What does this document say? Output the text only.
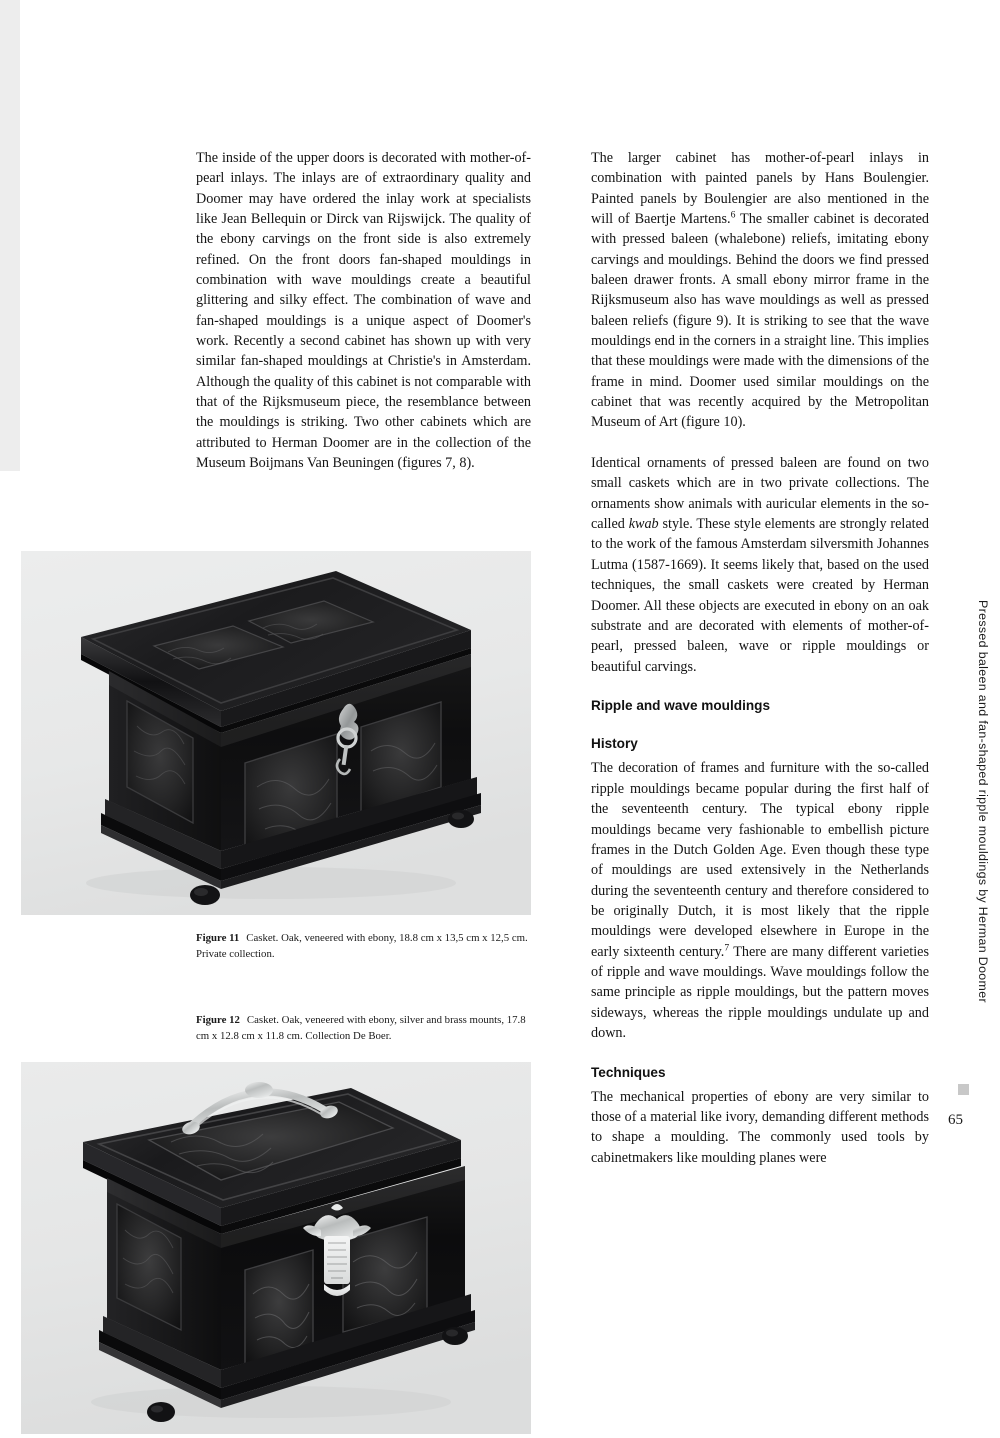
The inside of the upper doors is decorated with mother-of-pearl inlays. The inlays are of extraordinary quality and Doomer may have ordered the inlay work at specialists like Jean Bellequin or Dirck van Rijswijck. The quality of the ebony carvings on the front side is also extremely refined. On the front doors fan-shaped mouldings in combination with wave mouldings create a beautiful glittering and silky effect. The combination of wave and fan-shaped mouldings is a unique aspect of Doomer's work. Recently a second cabinet has shown up with very similar fan-shaped mouldings at Christie's in Amsterdam. Although the quality of this cabinet is not comparable with that of the Rijksmuseum piece, the resemblance between the mouldings is striking. Two other cabinets which are attributed to Herman Doomer are in the collection of the Museum Boijmans Van Beuningen (figures 7, 8).

The larger cabinet has mother-of-pearl inlays in combination with painted panels by Hans Boulengier. Painted panels by Boulengier are also mentioned in the will of Baertje Martens.$^6$ The smaller cabinet is decorated with pressed baleen (whalebone) reliefs, imitating ebony carvings and mouldings. Behind the doors we find pressed baleen drawer fronts. A small ebony mirror frame in the Rijksmuseum also has wave mouldings as well as pressed baleen reliefs (figure 9). It is striking to see that the wave mouldings end in the corners in a straight line. This implies that these mouldings were made with the dimensions of the frame in mind. Doomer used similar mouldings on the cabinet that was recently acquired by the Metropolitan Museum of Art (figure 10).

Identical ornaments of pressed baleen are found on two small caskets which are in two private collections. The ornaments show animals with auricular elements in the so-called kwab style. These style elements are strongly related to the work of the famous Amsterdam silversmith Johannes Lutma (1587-1669). It seems likely that, based on the used techniques, the small caskets were created by Herman Doomer. All these objects are executed in ebony on an oak substrate and are decorated with elements of mother-of-pearl, pressed baleen, wave or ripple mouldings or beautiful carvings.

Ripple and wave mouldings

History

The decoration of frames and furniture with the so-called ripple mouldings became popular during the first half of the seventeenth century. The typical ebony ripple mouldings became very fashionable to embellish picture frames in the Dutch Golden Age. Even though these type of mouldings are used extensively in the Netherlands during the seventeenth century and therefore considered to be originally Dutch, it is most likely that the ripple mouldings were developed elsewhere in Europe in the early sixteenth century.$^7$ There are many different varieties of ripple and wave mouldings. Wave mouldings follow the same principle as ripple mouldings, but the pattern moves sideways, whereas the ripple mouldings undulate up and down.

Techniques

The mechanical properties of ebony are very similar to those of a material like ivory, demanding different methods to shape a moulding. The commonly used tools by cabinetmakers like moulding planes were

Figure 11 Casket. Oak, veneered with ebony, 18.8 cm x 13,5 cm x 12,5 cm. Private collection.
Figure 12 Casket. Oak, veneered with ebony, silver and brass mounts, 17.8 cm x 12.8 cm x 11.8 cm. Collection De Boer.
Pressed baleen and fan-shaped ripple mouldings by Herman Doomer
65
